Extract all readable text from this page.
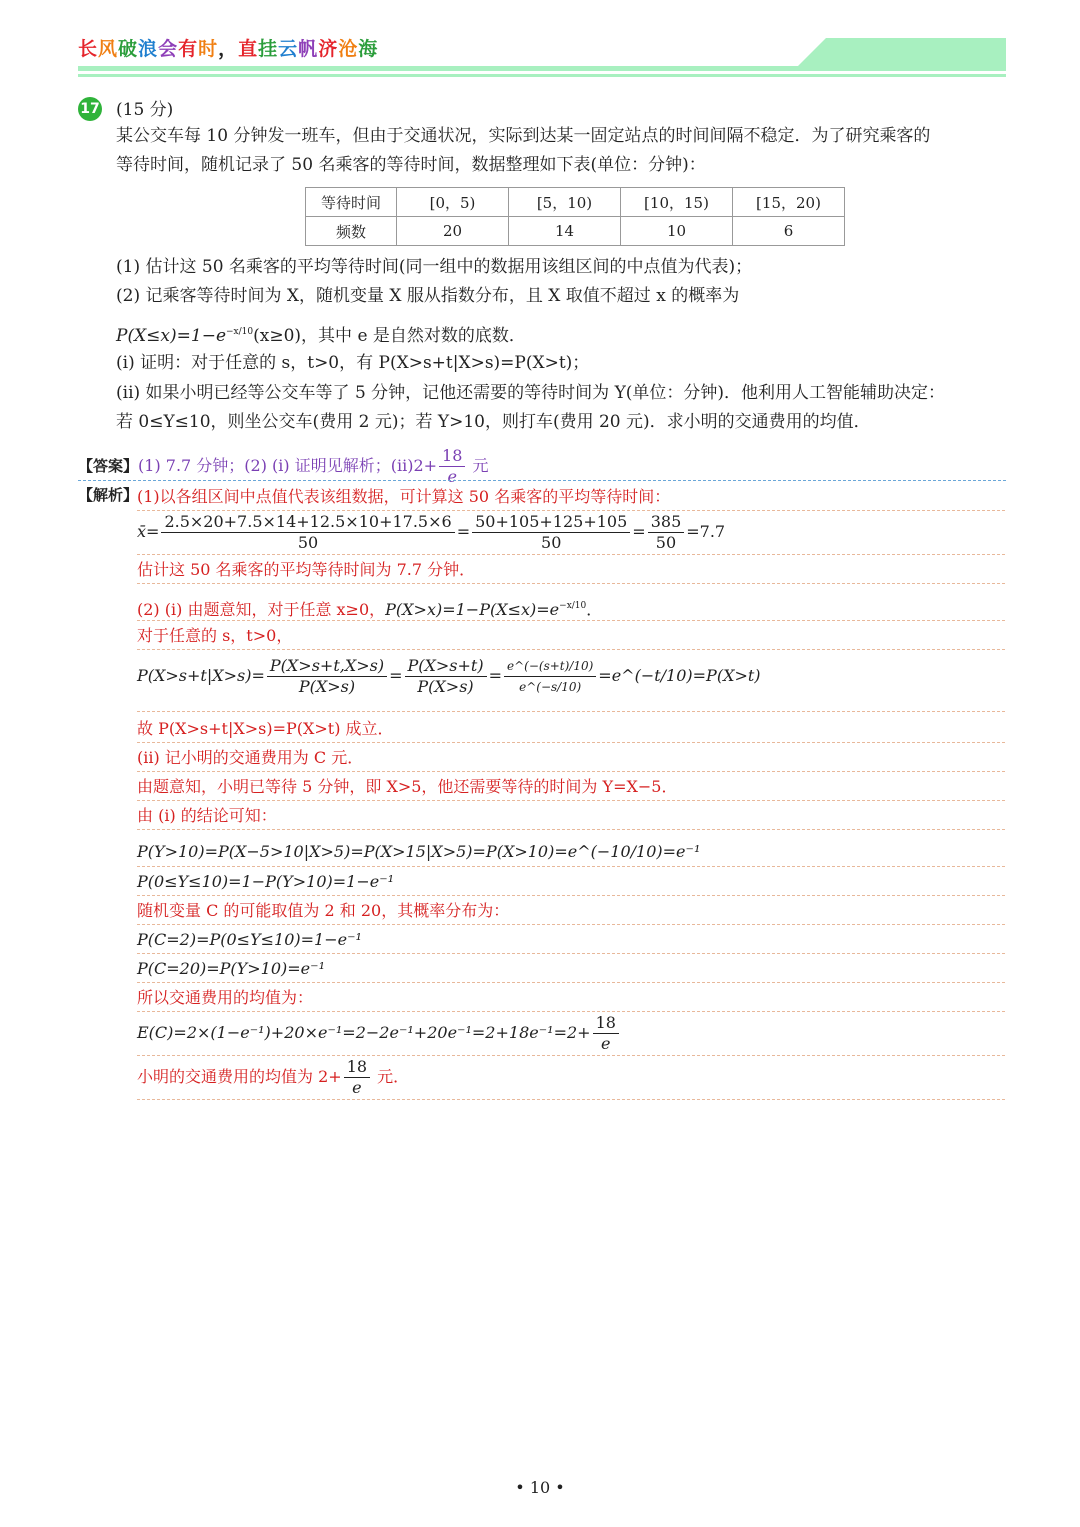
长风破浪会有时，直挂云帆济沧海
17 (15 分)
某公交车每 10 分钟发一班车，但由于交通状况，实际到达某一固定站点的时间间隔不稳定．为了研究乘客的
等待时间，随机记录了 50 名乘客的等待时间，数据整理如下表(单位：分钟)：
等待时间	[0，5)	[5，10)	[10，15)	[15，20)
频数	20	14	10	6
(1) 估计这 50 名乘客的平均等待时间(同一组中的数据用该组区间的中点值为代表)；
(2) 记乘客等待时间为 X，随机变量 X 服从指数分布，且 X 取值不超过 x 的概率为
$P(X\le x)=1-e^{-x/10}(x\ge 0)$，其中 e 是自然对数的底数．
(i) 证明：对于任意的 s，t>0，有 P(X>s+t|X>s)=P(X>t)；
(ii) 如果小明已经等公交车等了 5 分钟，记他还需要的等待时间为 Y(单位：分钟)．他利用人工智能辅助决定：
若 0≤Y≤10，则坐公交车(费用 2 元)；若 Y>10，则打车(费用 20 元)．求小明的交通费用的均值．
【答案】(1) 7.7 分钟；(2) (i) 证明见解析；$(ii)2+ \frac{18}{e}$ 元
【解析】
(1)以各组区间中点值代表该组数据，可计算这 50 名乘客的平均等待时间：
x̄= $\frac{2.5\times 20+7.5\times 14+12.5\times 10+17.5\times 6}{50} = \frac{50+105+125+105}{50} = \frac{385}{50} =7.7$
估计这 50 名乘客的平均等待时间为 7.7 分钟．
(2) (i) 由题意知，对于任意 x≥0，$P(X>x)=1-P(X\le x)=e^{-x/10}$．
对于任意的 s，t>0，
$P(X>s+t|X>s)= \frac{P(X>s+t,X>s)}{P(X>s)} = \frac{P(X>s+t)}{P(X>s)} = \frac{e\^{}(-(s+t)/10)}{e\^{}(-s/10)}$ =e^(−t/10)=P(X>t)
故 P(X>s+t|X>s)=P(X>t) 成立．
(ii) 记小明的交通费用为 C 元．
由题意知，小明已等待 5 分钟，即 X>5，他还需要等待的时间为 Y=X−5．
由 (i) 的结论可知：
P(Y>10)=P(X−5>10|X>5)=P(X>15|X>5)=P(X>10)=e^(−10/10)=e⁻¹
P(0≤Y≤10)=1−P(Y>10)=1−e⁻¹
随机变量 C 的可能取值为 2 和 20，其概率分布为：
P(C=2)=P(0≤Y≤10)=1−e⁻¹
P(C=20)=P(Y>10)=e⁻¹
所以交通费用的均值为：
$E(C)=2\times(1-e^{-1})+20\times e^{-1}=2-2e^{-1}+20e^{-1}=2+18e^{-1}=2+ \frac{18}{e}$
小明的交通费用的均值为 $2+ \frac{18}{e}$ 元．
• 10 •
